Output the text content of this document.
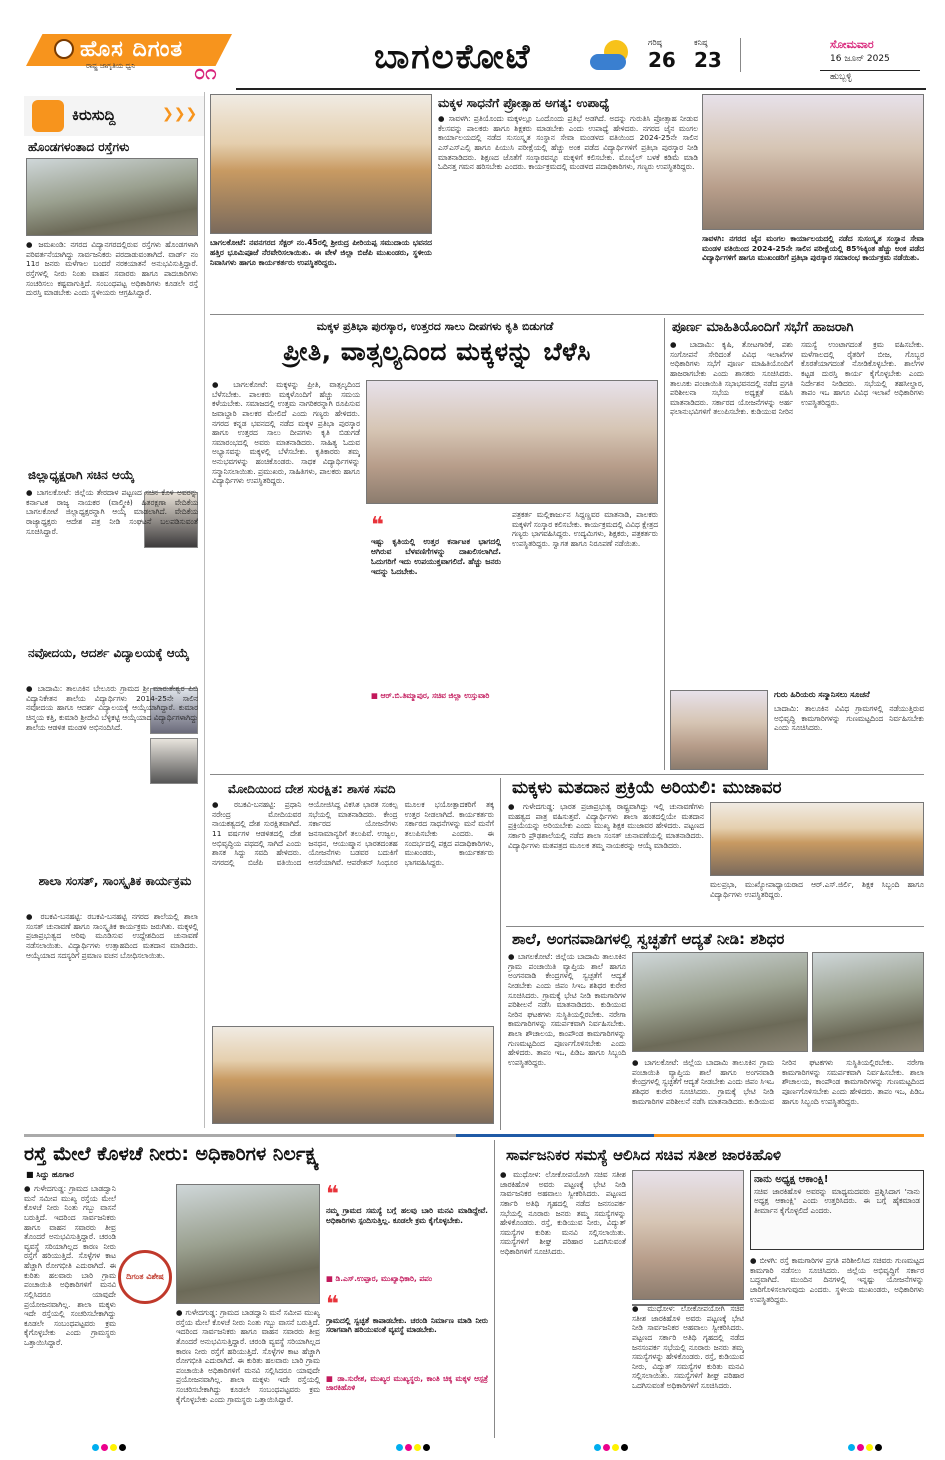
ಹೊಸ ದಿಗಂತ
ರಾಷ್ಟ್ರ ಜಾಗೃತಿಯ ಧ್ವನಿ	೦೧	ಬಾಗಲಕೋಟೆ	ಗರಿಷ್ಠ
26
ಕನಿಷ್ಠ
23
ಸೋಮವಾರ
16 ಜೂನ್ 2025
ಹುಬ್ಬಳ್ಳಿ
ಕಿರುಸುದ್ದಿ	❯❯❯
ಹೊಂಡಗಳಂತಾದ ರಸ್ತೆಗಳು
● ಜಮಖಂಡಿ: ನಗರದ ವಿದ್ಯಾನಗರದಲ್ಲಿರುವ ರಸ್ತೆಗಳು ಹೊಂಡಗಳಾಗಿ ಪರಿವರ್ತನೆಯಾಗಿದ್ದು ಸಾರ್ವಜನಿಕರು ಪರದಾಡುವಂತಾಗಿದೆ. ವಾರ್ಡ್ ನಂ 11ರ ಜನರು ಮಳೆಗಾಲ ಬಂದರೆ ನರಕಯಾತನೆ ಅನುಭವಿಸುತ್ತಿದ್ದಾರೆ. ರಸ್ತೆಗಳಲ್ಲಿ ನೀರು ನಿಂತು ವಾಹನ ಸವಾರರು ಹಾಗೂ ಪಾದಚಾರಿಗಳು ಸಂಚರಿಸಲು ಕಷ್ಟವಾಗುತ್ತಿದೆ. ಸಂಬಂಧಪಟ್ಟ ಅಧಿಕಾರಿಗಳು ಕೂಡಲೇ ರಸ್ತೆ ದುರಸ್ತಿ ಮಾಡಬೇಕು ಎಂದು ಸ್ಥಳೀಯರು ಆಗ್ರಹಿಸಿದ್ದಾರೆ.
ಜಿಲ್ಲಾಧ್ಯಕ್ಷರಾಗಿ ಸಚಿನ ಆಯ್ಕೆ
● ಬಾಗಲಕೋಟೆ: ಜಿಲ್ಲೆಯ ತೇರದಾಳ ಪಟ್ಟಣದ ಸಚಿನ ಕೊಳಿ ಅವರನ್ನು ಕರ್ನಾಟಕ ರಾಜ್ಯ ನಾಯಕರ (ವಾಲ್ಮೀಕಿ) ಹಿತರಕ್ಷಣಾ ವೇದಿಕೆಯ ಬಾಗಲಕೋಟೆ ಜಿಲ್ಲಾಧ್ಯಕ್ಷರನ್ನಾಗಿ ಆಯ್ಕೆ ಮಾಡಲಾಗಿದೆ. ವೇದಿಕೆಯ ರಾಜ್ಯಾಧ್ಯಕ್ಷರು ಆದೇಶ ಪತ್ರ ನೀಡಿ ಸಂಘಟನೆ ಬಲಪಡಿಸುವಂತೆ ಸೂಚಿಸಿದ್ದಾರೆ.
ನವೋದಯ, ಆದರ್ಶ ವಿದ್ಯಾಲಯಕ್ಕೆ ಆಯ್ಕೆ
● ಬಾದಾಮಿ: ತಾಲೂಕಿನ ಬೇಲೂರು ಗ್ರಾಮದ ಶ್ರೀ ಮಾರುತೇಶ್ವರ ಪಿಬಿ ವಿದ್ಯಾನಿಕೇತನ ಶಾಲೆಯ ವಿದ್ಯಾರ್ಥಿಗಳು 2014-25ನೇ ಸಾಲಿನ ನವೋದಯ ಹಾಗೂ ಆದರ್ಶ ವಿದ್ಯಾಲಯಕ್ಕೆ ಆಯ್ಕೆಯಾಗಿದ್ದಾರೆ. ಕುಮಾರ ಚಿನ್ಮಯ ಕತ್ತಿ, ಕುಮಾರಿ ಶ್ರೀದೇವಿ ಬೆಳ್ಳಿಕಟ್ಟಿ ಆಯ್ಕೆಯಾದ ವಿದ್ಯಾರ್ಥಿಗಳಾಗಿದ್ದು ಶಾಲೆಯ ಆಡಳಿತ ಮಂಡಳಿ ಅಭಿನಂದಿಸಿದೆ.
ಶಾಲಾ ಸಂಸತ್, ಸಾಂಸ್ಕೃತಿಕ ಕಾರ್ಯಕ್ರಮ
● ರಬಕವಿ-ಬನಹಟ್ಟಿ: ರಬಕವಿ-ಬನಹಟ್ಟಿ ನಗರದ ಶಾಲೆಯಲ್ಲಿ ಶಾಲಾ ಸಂಸತ್ ಚುನಾವಣೆ ಹಾಗೂ ಸಾಂಸ್ಕೃತಿಕ ಕಾರ್ಯಕ್ರಮ ಜರುಗಿತು. ಮಕ್ಕಳಲ್ಲಿ ಪ್ರಜಾಪ್ರಭುತ್ವದ ಅರಿವು ಮೂಡಿಸುವ ಉದ್ದೇಶದಿಂದ ಚುನಾವಣೆ ನಡೆಸಲಾಯಿತು. ವಿದ್ಯಾರ್ಥಿಗಳು ಉತ್ಸಾಹದಿಂದ ಮತದಾನ ಮಾಡಿದರು. ಆಯ್ಕೆಯಾದ ಸದಸ್ಯರಿಗೆ ಪ್ರಮಾಣ ವಚನ ಬೋಧಿಸಲಾಯಿತು.
ಬಾಗಲಕೋಟೆ: ನವನಗರದ ಸೆಕ್ಟರ್ ನಂ.45ರಲ್ಲಿ ಶ್ರೀರುದ್ರ ಪೀರಿಯಪ್ಪ ಸಮುದಾಯ ಭವನದ ಹತ್ತಿರ ಭೂಮಿಪೂಜೆ ನೆರವೇರಿಸಲಾಯಿತು. ಈ ವೇಳೆ ಜಿಲ್ಲಾ ಬಿಜೆಪಿ ಮುಖಂಡರು, ಸ್ಥಳೀಯ ನಿವಾಸಿಗಳು ಹಾಗೂ ಕಾರ್ಯಕರ್ತರು ಉಪಸ್ಥಿತರಿದ್ದರು.
ಮಕ್ಕಳ ಸಾಧನೆಗೆ ಪ್ರೋತ್ಸಾಹ ಅಗತ್ಯ: ಉಪಾಧ್ಯೆ
● ಸಾವಳಗಿ: ಪ್ರತಿಯೊಂದು ಮಕ್ಕಳಲ್ಲೂ ಒಂದೊಂದು ಪ್ರತಿಭೆ ಅಡಗಿದೆ. ಅದನ್ನು ಗುರುತಿಸಿ ಪ್ರೋತ್ಸಾಹ ನೀಡುವ ಕೆಲಸವನ್ನು ಪಾಲಕರು ಹಾಗೂ ಶಿಕ್ಷಕರು ಮಾಡಬೇಕು ಎಂದು ಉಪಾಧ್ಯೆ ಹೇಳಿದರು. ನಗರದ ಜೈನ ಮಂಗಲ ಕಾರ್ಯಾಲಯದಲ್ಲಿ ನಡೆದ ಸುಸಂಸ್ಕೃತ ಸಂಸ್ಥಾನ ಸೇವಾ ಮಂಡಳದ ವತಿಯಿಂದ 2024-25ನೇ ಸಾಲಿನ ಎಸ್ಎಸ್ಎಲ್ಸಿ ಹಾಗೂ ಪಿಯುಸಿ ಪರೀಕ್ಷೆಯಲ್ಲಿ ಹೆಚ್ಚು ಅಂಕ ಪಡೆದ ವಿದ್ಯಾರ್ಥಿಗಳಿಗೆ ಪ್ರತಿಭಾ ಪುರಸ್ಕಾರ ನೀಡಿ ಮಾತನಾಡಿದರು. ಶಿಕ್ಷಣದ ಜೊತೆಗೆ ಸಂಸ್ಕಾರವನ್ನೂ ಮಕ್ಕಳಿಗೆ ಕಲಿಸಬೇಕು. ಮೊಬೈಲ್ ಬಳಕೆ ಕಡಿಮೆ ಮಾಡಿ ಓದಿನತ್ತ ಗಮನ ಹರಿಸಬೇಕು ಎಂದರು. ಕಾರ್ಯಕ್ರಮದಲ್ಲಿ ಮಂಡಳದ ಪದಾಧಿಕಾರಿಗಳು, ಗಣ್ಯರು ಉಪಸ್ಥಿತರಿದ್ದರು.
ಸಾವಳಗಿ: ನಗರದ ಜೈನ ಮಂಗಲ ಕಾರ್ಯಾಲಯದಲ್ಲಿ ನಡೆದ ಸುಸಂಸ್ಕೃತ ಸಂಸ್ಥಾನ ಸೇವಾ ಮಂಡಳ ವತಿಯಿಂದ 2024-25ನೇ ಸಾಲಿನ ಪರೀಕ್ಷೆಯಲ್ಲಿ 85%ಕ್ಕಿಂತ ಹೆಚ್ಚು ಅಂಕ ಪಡೆದ ವಿದ್ಯಾರ್ಥಿಗಳಿಗೆ ಹಾಗೂ ಮುಖಂಡರಿಗೆ ಪ್ರತಿಭಾ ಪುರಸ್ಕಾರ ಸಮಾರಂಭ ಕಾರ್ಯಕ್ರಮ ನಡೆಯಿತು.
ಮಕ್ಕಳ ಪ್ರತಿಭಾ ಪುರಸ್ಕಾರ, ಉತ್ತರದ ಸಾಲು ದೀಪಗಳು ಕೃತಿ ಬಿಡುಗಡೆ
ಪ್ರೀತಿ, ವಾತ್ಸಲ್ಯದಿಂದ ಮಕ್ಕಳನ್ನು ಬೆಳೆಸಿ
● ಬಾಗಲಕೋಟೆ: ಮಕ್ಕಳನ್ನು ಪ್ರೀತಿ, ವಾತ್ಸಲ್ಯದಿಂದ ಬೆಳೆಸಬೇಕು. ಪಾಲಕರು ಮಕ್ಕಳೊಂದಿಗೆ ಹೆಚ್ಚು ಸಮಯ ಕಳೆಯಬೇಕು. ಸಮಾಜದಲ್ಲಿ ಉತ್ತಮ ನಾಗರಿಕರನ್ನಾಗಿ ರೂಪಿಸುವ ಜವಾಬ್ದಾರಿ ಪಾಲಕರ ಮೇಲಿದೆ ಎಂದು ಗಣ್ಯರು ಹೇಳಿದರು. ನಗರದ ಕನ್ನಡ ಭವನದಲ್ಲಿ ನಡೆದ ಮಕ್ಕಳ ಪ್ರತಿಭಾ ಪುರಸ್ಕಾರ ಹಾಗೂ ಉತ್ತರದ ಸಾಲು ದೀಪಗಳು ಕೃತಿ ಬಿಡುಗಡೆ ಸಮಾರಂಭದಲ್ಲಿ ಅವರು ಮಾತನಾಡಿದರು. ಸಾಹಿತ್ಯ ಓದುವ ಅಭ್ಯಾಸವನ್ನು ಮಕ್ಕಳಲ್ಲಿ ಬೆಳೆಸಬೇಕು. ಕೃತಿಕಾರರು ತಮ್ಮ ಅನುಭವಗಳನ್ನು ಹಂಚಿಕೊಂಡರು. ಸಾಧಕ ವಿದ್ಯಾರ್ಥಿಗಳನ್ನು ಸನ್ಮಾನಿಸಲಾಯಿತು. ಪ್ರಮುಖರು, ಸಾಹಿತಿಗಳು, ಪಾಲಕರು ಹಾಗೂ ವಿದ್ಯಾರ್ಥಿಗಳು ಉಪಸ್ಥಿತರಿದ್ದರು.
❝
ಇಷ್ಟು ಕೃತಿಯಲ್ಲಿ ಉತ್ತರ ಕರ್ನಾಟಕ ಭಾಗದಲ್ಲಿ ಆಗಿರುವ ಬೆಳವಣಿಗೆಗಳನ್ನು ದಾಖಲಿಸಲಾಗಿದೆ. ಓದುಗರಿಗೆ ಇದು ಉಪಯುಕ್ತವಾಗಲಿದೆ. ಹೆಚ್ಚು ಜನರು ಇದನ್ನು ಓದಬೇಕು.
■ ಆರ್.ಬಿ.ತಿಮ್ಮಾಪುರ, ಸಚಿವ ಜಿಲ್ಲಾ ಉಸ್ತುವಾರಿ
ಪತ್ರಕರ್ತ ಮಲ್ಲಿಕಾರ್ಜುನ ಸಿದ್ದಣ್ಣವರ ಮಾತನಾಡಿ, ಪಾಲಕರು ಮಕ್ಕಳಿಗೆ ಸಂಸ್ಕಾರ ಕಲಿಸಬೇಕು. ಕಾರ್ಯಕ್ರಮದಲ್ಲಿ ವಿವಿಧ ಕ್ಷೇತ್ರದ ಗಣ್ಯರು ಭಾಗವಹಿಸಿದ್ದರು. ಉದ್ಯಮಿಗಳು, ಶಿಕ್ಷಕರು, ಪತ್ರಕರ್ತರು ಉಪಸ್ಥಿತರಿದ್ದರು. ಸ್ವಾಗತ ಹಾಗೂ ನಿರೂಪಣೆ ನಡೆಯಿತು.
ಪೂರ್ಣ ಮಾಹಿತಿಯೊಂದಿಗೆ ಸಭೆಗೆ ಹಾಜರಾಗಿ
● ಬಾದಾಮಿ: ಕೃಷಿ, ತೋಟಗಾರಿಕೆ, ಪಶು ಸಂಗೋಪನೆ ಸೇರಿದಂತೆ ವಿವಿಧ ಇಲಾಖೆಗಳ ಅಧಿಕಾರಿಗಳು ಸಭೆಗೆ ಪೂರ್ಣ ಮಾಹಿತಿಯೊಂದಿಗೆ ಹಾಜರಾಗಬೇಕು ಎಂದು ಶಾಸಕರು ಸೂಚಿಸಿದರು. ತಾಲೂಕು ಪಂಚಾಯಿತಿ ಸಭಾಭವನದಲ್ಲಿ ನಡೆದ ಪ್ರಗತಿ ಪರಿಶೀಲನಾ ಸಭೆಯ ಅಧ್ಯಕ್ಷತೆ ವಹಿಸಿ ಮಾತನಾಡಿದರು. ಸರ್ಕಾರದ ಯೋಜನೆಗಳನ್ನು ಅರ್ಹ ಫಲಾನುಭವಿಗಳಿಗೆ ತಲುಪಿಸಬೇಕು. ಕುಡಿಯುವ ನೀರಿನ ಸಮಸ್ಯೆ ಉಂಟಾಗದಂತೆ ಕ್ರಮ ವಹಿಸಬೇಕು. ಮಳೆಗಾಲದಲ್ಲಿ ರೈತರಿಗೆ ಬೀಜ, ಗೊಬ್ಬರ ಕೊರತೆಯಾಗದಂತೆ ನೋಡಿಕೊಳ್ಳಬೇಕು. ಶಾಲೆಗಳ ಕಟ್ಟಡ ದುರಸ್ತಿ ಕಾರ್ಯ ಕೈಗೊಳ್ಳಬೇಕು ಎಂದು ನಿರ್ದೇಶನ ನೀಡಿದರು. ಸಭೆಯಲ್ಲಿ ತಹಸೀಲ್ದಾರ, ತಾಪಂ ಇಒ ಹಾಗೂ ವಿವಿಧ ಇಲಾಖೆ ಅಧಿಕಾರಿಗಳು ಉಪಸ್ಥಿತರಿದ್ದರು.
ಗುರು ಹಿರಿಯರು ಸನ್ಮಾನಿಸಲು ಸೂಚನೆ
ಬಾದಾಮಿ: ತಾಲೂಕಿನ ವಿವಿಧ ಗ್ರಾಮಗಳಲ್ಲಿ ನಡೆಯುತ್ತಿರುವ ಅಭಿವೃದ್ಧಿ ಕಾಮಗಾರಿಗಳನ್ನು ಗುಣಮಟ್ಟದಿಂದ ನಿರ್ವಹಿಸಬೇಕು ಎಂದು ಸೂಚಿಸಿದರು.
ಮೋದಿಯಿಂದ ದೇಶ ಸುರಕ್ಷಿತ: ಶಾಸಕ ಸವದಿ
● ರಬಕವಿ-ಬನಹಟ್ಟಿ: ಪ್ರಧಾನಿ ನರೇಂದ್ರ ಮೋದಿಯವರ ನಾಯಕತ್ವದಲ್ಲಿ ದೇಶ ಸುರಕ್ಷಿತವಾಗಿದೆ. 11 ವರ್ಷಗಳ ಆಡಳಿತದಲ್ಲಿ ದೇಶ ಅಭಿವೃದ್ಧಿಯ ಪಥದಲ್ಲಿ ಸಾಗಿದೆ ಎಂದು ಶಾಸಕ ಸಿದ್ದು ಸವದಿ ಹೇಳಿದರು. ನಗರದಲ್ಲಿ ಬಿಜೆಪಿ ವತಿಯಿಂದ ಆಯೋಜಿಸಿದ್ದ ವಿಕಸಿತ ಭಾರತ ಸಂಕಲ್ಪ ಸಭೆಯಲ್ಲಿ ಮಾತನಾಡಿದರು. ಕೇಂದ್ರ ಸರ್ಕಾರದ ಯೋಜನೆಗಳು ಜನಸಾಮಾನ್ಯರಿಗೆ ತಲುಪಿವೆ. ಉಜ್ವಲ, ಜನಧನ, ಆಯುಷ್ಮಾನ ಭಾರತದಂತಹ ಯೋಜನೆಗಳು ಬಡವರ ಬದುಕಿಗೆ ಆಸರೆಯಾಗಿವೆ. ಆಪರೇಶನ್ ಸಿಂಧೂರ ಮೂಲಕ ಭಯೋತ್ಪಾದಕರಿಗೆ ತಕ್ಕ ಉತ್ತರ ನೀಡಲಾಗಿದೆ. ಕಾರ್ಯಕರ್ತರು ಸರ್ಕಾರದ ಸಾಧನೆಗಳನ್ನು ಮನೆ ಮನೆಗೆ ತಲುಪಿಸಬೇಕು ಎಂದರು. ಈ ಸಂದರ್ಭದಲ್ಲಿ ಪಕ್ಷದ ಪದಾಧಿಕಾರಿಗಳು, ಮುಖಂಡರು, ಕಾರ್ಯಕರ್ತರು ಭಾಗವಹಿಸಿದ್ದರು.
ಮಕ್ಕಳು ಮತದಾನ ಪ್ರಕ್ರಿಯೆ ಅರಿಯಲಿ: ಮುಜಾವರ
● ಗುಳೇದಗುಡ್ಡ: ಭಾರತ ಪ್ರಜಾಪ್ರಭುತ್ವ ರಾಷ್ಟ್ರವಾಗಿದ್ದು ಇಲ್ಲಿ ಚುನಾವಣೆಗಳು ಮಹತ್ವದ ಪಾತ್ರ ವಹಿಸುತ್ತವೆ. ವಿದ್ಯಾರ್ಥಿಗಳು ಶಾಲಾ ಹಂತದಲ್ಲಿಯೇ ಮತದಾನ ಪ್ರಕ್ರಿಯೆಯನ್ನು ಅರಿಯಬೇಕು ಎಂದು ಮುಖ್ಯ ಶಿಕ್ಷಕ ಮುಜಾವರ ಹೇಳಿದರು. ಪಟ್ಟಣದ ಸರ್ಕಾರಿ ಪ್ರೌಢಶಾಲೆಯಲ್ಲಿ ನಡೆದ ಶಾಲಾ ಸಂಸತ್ ಚುನಾವಣೆಯಲ್ಲಿ ಮಾತನಾಡಿದರು. ವಿದ್ಯಾರ್ಥಿಗಳು ಮತಪತ್ರದ ಮೂಲಕ ತಮ್ಮ ನಾಯಕರನ್ನು ಆಯ್ಕೆ ಮಾಡಿದರು.
ಮಲಪ್ರಭಾ, ಮುಖ್ಯೋಪಾಧ್ಯಾಯರಾದ ಆರ್.ಎಸ್.ಜಿರ್ಲಿ, ಶಿಕ್ಷಕ ಸಿಬ್ಬಂದಿ ಹಾಗೂ ವಿದ್ಯಾರ್ಥಿಗಳು ಉಪಸ್ಥಿತರಿದ್ದರು.
ಶಾಲೆ, ಅಂಗನವಾಡಿಗಳಲ್ಲಿ ಸ್ವಚ್ಛತೆಗೆ ಆದ್ಯತೆ ನೀಡಿ: ಶಶಿಧರ
● ಬಾಗಲಕೋಟೆ: ಜಿಲ್ಲೆಯ ಬಾದಾಮಿ ತಾಲೂಕಿನ ಗ್ರಾಮ ಪಂಚಾಯಿತಿ ವ್ಯಾಪ್ತಿಯ ಶಾಲೆ ಹಾಗೂ ಅಂಗನವಾಡಿ ಕೇಂದ್ರಗಳಲ್ಲಿ ಸ್ವಚ್ಛತೆಗೆ ಆದ್ಯತೆ ನೀಡಬೇಕು ಎಂದು ಜಿಪಂ ಸಿಇಒ ಶಶಿಧರ ಕುರೇರ ಸೂಚಿಸಿದರು. ಗ್ರಾಮಕ್ಕೆ ಭೇಟಿ ನೀಡಿ ಕಾಮಗಾರಿಗಳ ಪರಿಶೀಲನೆ ನಡೆಸಿ ಮಾತನಾಡಿದರು. ಕುಡಿಯುವ ನೀರಿನ ಘಟಕಗಳು ಸುಸ್ಥಿತಿಯಲ್ಲಿರಬೇಕು. ನರೇಗಾ ಕಾಮಗಾರಿಗಳನ್ನು ಸಮರ್ಪಕವಾಗಿ ನಿರ್ವಹಿಸಬೇಕು. ಶಾಲಾ ಶೌಚಾಲಯ, ಕಾಂಪೌಂಡ ಕಾಮಗಾರಿಗಳನ್ನು ಗುಣಮಟ್ಟದಿಂದ ಪೂರ್ಣಗೊಳಿಸಬೇಕು ಎಂದು ಹೇಳಿದರು. ತಾಪಂ ಇಒ, ಪಿಡಿಒ ಹಾಗೂ ಸಿಬ್ಬಂದಿ ಉಪಸ್ಥಿತರಿದ್ದರು.	● ಬಾಗಲಕೋಟೆ: ಜಿಲ್ಲೆಯ ಬಾದಾಮಿ ತಾಲೂಕಿನ ಗ್ರಾಮ ಪಂಚಾಯಿತಿ ವ್ಯಾಪ್ತಿಯ ಶಾಲೆ ಹಾಗೂ ಅಂಗನವಾಡಿ ಕೇಂದ್ರಗಳಲ್ಲಿ ಸ್ವಚ್ಛತೆಗೆ ಆದ್ಯತೆ ನೀಡಬೇಕು ಎಂದು ಜಿಪಂ ಸಿಇಒ ಶಶಿಧರ ಕುರೇರ ಸೂಚಿಸಿದರು. ಗ್ರಾಮಕ್ಕೆ ಭೇಟಿ ನೀಡಿ ಕಾಮಗಾರಿಗಳ ಪರಿಶೀಲನೆ ನಡೆಸಿ ಮಾತನಾಡಿದರು. ಕುಡಿಯುವ ನೀರಿನ ಘಟಕಗಳು ಸುಸ್ಥಿತಿಯಲ್ಲಿರಬೇಕು. ನರೇಗಾ ಕಾಮಗಾರಿಗಳನ್ನು ಸಮರ್ಪಕವಾಗಿ ನಿರ್ವಹಿಸಬೇಕು. ಶಾಲಾ ಶೌಚಾಲಯ, ಕಾಂಪೌಂಡ ಕಾಮಗಾರಿಗಳನ್ನು ಗುಣಮಟ್ಟದಿಂದ ಪೂರ್ಣಗೊಳಿಸಬೇಕು ಎಂದು ಹೇಳಿದರು. ತಾಪಂ ಇಒ, ಪಿಡಿಒ ಹಾಗೂ ಸಿಬ್ಬಂದಿ ಉಪಸ್ಥಿತರಿದ್ದರು.
ರಸ್ತೆ ಮೇಲೆ ಕೊಳಚೆ ನೀರು: ಅಧಿಕಾರಿಗಳ ನಿರ್ಲಕ್ಷ್ಯ
■ ಸಿದ್ದು ಹೂಗಾರ
● ಗುಳೇದಗುಡ್ಡ: ಗ್ರಾಮದ ಬಾಡದ್ವಾನಿ ಮನೆ ಸಮೀಪ ಮುಖ್ಯ ರಸ್ತೆಯ ಮೇಲೆ ಕೊಳಚೆ ನೀರು ನಿಂತು ಗಬ್ಬು ವಾಸನೆ ಬರುತ್ತಿದೆ. ಇದರಿಂದ ಸಾರ್ವಜನಿಕರು ಹಾಗೂ ವಾಹನ ಸವಾರರು ತೀವ್ರ ತೊಂದರೆ ಅನುಭವಿಸುತ್ತಿದ್ದಾರೆ. ಚರಂಡಿ ವ್ಯವಸ್ಥೆ ಸರಿಯಾಗಿಲ್ಲದ ಕಾರಣ ನೀರು ರಸ್ತೆಗೆ ಹರಿಯುತ್ತಿದೆ. ಸೊಳ್ಳೆಗಳ ಕಾಟ ಹೆಚ್ಚಾಗಿ ರೋಗಭೀತಿ ಎದುರಾಗಿದೆ. ಈ ಕುರಿತು ಹಲವಾರು ಬಾರಿ ಗ್ರಾಮ ಪಂಚಾಯಿತಿ ಅಧಿಕಾರಿಗಳಿಗೆ ಮನವಿ ಸಲ್ಲಿಸಿದರೂ ಯಾವುದೇ ಪ್ರಯೋಜನವಾಗಿಲ್ಲ. ಶಾಲಾ ಮಕ್ಕಳು ಇದೇ ರಸ್ತೆಯಲ್ಲಿ ಸಂಚರಿಸಬೇಕಾಗಿದ್ದು ಕೂಡಲೇ ಸಂಬಂಧಪಟ್ಟವರು ಕ್ರಮ ಕೈಗೊಳ್ಳಬೇಕು ಎಂದು ಗ್ರಾಮಸ್ಥರು ಒತ್ತಾಯಿಸಿದ್ದಾರೆ.
ದಿಗಂತ ವಿಶೇಷ
● ಗುಳೇದಗುಡ್ಡ: ಗ್ರಾಮದ ಬಾಡದ್ವಾನಿ ಮನೆ ಸಮೀಪ ಮುಖ್ಯ ರಸ್ತೆಯ ಮೇಲೆ ಕೊಳಚೆ ನೀರು ನಿಂತು ಗಬ್ಬು ವಾಸನೆ ಬರುತ್ತಿದೆ. ಇದರಿಂದ ಸಾರ್ವಜನಿಕರು ಹಾಗೂ ವಾಹನ ಸವಾರರು ತೀವ್ರ ತೊಂದರೆ ಅನುಭವಿಸುತ್ತಿದ್ದಾರೆ. ಚರಂಡಿ ವ್ಯವಸ್ಥೆ ಸರಿಯಾಗಿಲ್ಲದ ಕಾರಣ ನೀರು ರಸ್ತೆಗೆ ಹರಿಯುತ್ತಿದೆ. ಸೊಳ್ಳೆಗಳ ಕಾಟ ಹೆಚ್ಚಾಗಿ ರೋಗಭೀತಿ ಎದುರಾಗಿದೆ. ಈ ಕುರಿತು ಹಲವಾರು ಬಾರಿ ಗ್ರಾಮ ಪಂಚಾಯಿತಿ ಅಧಿಕಾರಿಗಳಿಗೆ ಮನವಿ ಸಲ್ಲಿಸಿದರೂ ಯಾವುದೇ ಪ್ರಯೋಜನವಾಗಿಲ್ಲ. ಶಾಲಾ ಮಕ್ಕಳು ಇದೇ ರಸ್ತೆಯಲ್ಲಿ ಸಂಚರಿಸಬೇಕಾಗಿದ್ದು ಕೂಡಲೇ ಸಂಬಂಧಪಟ್ಟವರು ಕ್ರಮ ಕೈಗೊಳ್ಳಬೇಕು ಎಂದು ಗ್ರಾಮಸ್ಥರು ಒತ್ತಾಯಿಸಿದ್ದಾರೆ.
❝
ನಮ್ಮ ಗ್ರಾಮದ ಸಮಸ್ಯೆ ಬಗ್ಗೆ ಹಲವು ಬಾರಿ ಮನವಿ ಮಾಡಿದ್ದೇವೆ. ಅಧಿಕಾರಿಗಳು ಸ್ಪಂದಿಸುತ್ತಿಲ್ಲ. ಕೂಡಲೇ ಕ್ರಮ ಕೈಗೊಳ್ಳಬೇಕು.
■ ಡಿ.ಎಸ್.ಉಪ್ಪಾರ, ಮುಖ್ಯಾಧಿಕಾರಿ, ಪಪಂ
❝
ಗ್ರಾಮದಲ್ಲಿ ಸ್ವಚ್ಛತೆ ಕಾಪಾಡಬೇಕು. ಚರಂಡಿ ನಿರ್ಮಾಣ ಮಾಡಿ ನೀರು ಸರಾಗವಾಗಿ ಹರಿಯುವಂತೆ ವ್ಯವಸ್ಥೆ ಮಾಡಬೇಕು.
■ ಡಾ.ಸುರೇಶ, ಮುಖ್ಯರ ಮುಖ್ಯಸ್ಥರು, ಕಾಂತಿ ಚಿಕ್ಕ ಮಕ್ಕಳ ಆಸ್ಪತ್ರೆ ಜಾರಕಿಹೊಳಿ
ಸಾರ್ವಜನಿಕರ ಸಮಸ್ಯೆ ಆಲಿಸಿದ ಸಚಿವ ಸತೀಶ ಜಾರಕಿಹೊಳಿ
● ಮುಧೋಳ: ಲೋಕೋಪಯೋಗಿ ಸಚಿವ ಸತೀಶ ಜಾರಕಿಹೊಳಿ ಅವರು ಪಟ್ಟಣಕ್ಕೆ ಭೇಟಿ ನೀಡಿ ಸಾರ್ವಜನಿಕರ ಅಹವಾಲು ಸ್ವೀಕರಿಸಿದರು. ಪಟ್ಟಣದ ಸರ್ಕಾರಿ ಅತಿಥಿ ಗೃಹದಲ್ಲಿ ನಡೆದ ಜನಸಂಪರ್ಕ ಸಭೆಯಲ್ಲಿ ನೂರಾರು ಜನರು ತಮ್ಮ ಸಮಸ್ಯೆಗಳನ್ನು ಹೇಳಿಕೊಂಡರು. ರಸ್ತೆ, ಕುಡಿಯುವ ನೀರು, ವಿದ್ಯುತ್ ಸಮಸ್ಯೆಗಳ ಕುರಿತು ಮನವಿ ಸಲ್ಲಿಸಲಾಯಿತು. ಸಮಸ್ಯೆಗಳಿಗೆ ಶೀಘ್ರ ಪರಿಹಾರ ಒದಗಿಸುವಂತೆ ಅಧಿಕಾರಿಗಳಿಗೆ ಸೂಚಿಸಿದರು.
● ಮುಧೋಳ: ಲೋಕೋಪಯೋಗಿ ಸಚಿವ ಸತೀಶ ಜಾರಕಿಹೊಳಿ ಅವರು ಪಟ್ಟಣಕ್ಕೆ ಭೇಟಿ ನೀಡಿ ಸಾರ್ವಜನಿಕರ ಅಹವಾಲು ಸ್ವೀಕರಿಸಿದರು. ಪಟ್ಟಣದ ಸರ್ಕಾರಿ ಅತಿಥಿ ಗೃಹದಲ್ಲಿ ನಡೆದ ಜನಸಂಪರ್ಕ ಸಭೆಯಲ್ಲಿ ನೂರಾರು ಜನರು ತಮ್ಮ ಸಮಸ್ಯೆಗಳನ್ನು ಹೇಳಿಕೊಂಡರು. ರಸ್ತೆ, ಕುಡಿಯುವ ನೀರು, ವಿದ್ಯುತ್ ಸಮಸ್ಯೆಗಳ ಕುರಿತು ಮನವಿ ಸಲ್ಲಿಸಲಾಯಿತು. ಸಮಸ್ಯೆಗಳಿಗೆ ಶೀಘ್ರ ಪರಿಹಾರ ಒದಗಿಸುವಂತೆ ಅಧಿಕಾರಿಗಳಿಗೆ ಸೂಚಿಸಿದರು.
ನಾನು ಅಧ್ಯಕ್ಷ ಆಕಾಂಕ್ಷಿ!
ಸಚಿವ ಜಾರಕಿಹೊಳಿ ಅವರನ್ನು ಮಾಧ್ಯಮದವರು ಪ್ರಶ್ನಿಸಿದಾಗ 'ನಾನು ಅಧ್ಯಕ್ಷ ಆಕಾಂಕ್ಷಿ' ಎಂದು ಉತ್ತರಿಸಿದರು. ಈ ಬಗ್ಗೆ ಹೈಕಮಾಂಡ ತೀರ್ಮಾನ ಕೈಗೊಳ್ಳಲಿದೆ ಎಂದರು.
● ಬೀಳಗಿ: ರಸ್ತೆ ಕಾಮಗಾರಿಗಳ ಪ್ರಗತಿ ಪರಿಶೀಲಿಸಿದ ಸಚಿವರು ಗುಣಮಟ್ಟದ ಕಾಮಗಾರಿ ನಡೆಸಲು ಸೂಚಿಸಿದರು. ಜಿಲ್ಲೆಯ ಅಭಿವೃದ್ಧಿಗೆ ಸರ್ಕಾರ ಬದ್ಧವಾಗಿದೆ. ಮುಂದಿನ ದಿನಗಳಲ್ಲಿ ಇನ್ನಷ್ಟು ಯೋಜನೆಗಳನ್ನು ಜಾರಿಗೊಳಿಸಲಾಗುವುದು ಎಂದರು. ಸ್ಥಳೀಯ ಮುಖಂಡರು, ಅಧಿಕಾರಿಗಳು ಉಪಸ್ಥಿತರಿದ್ದರು.
